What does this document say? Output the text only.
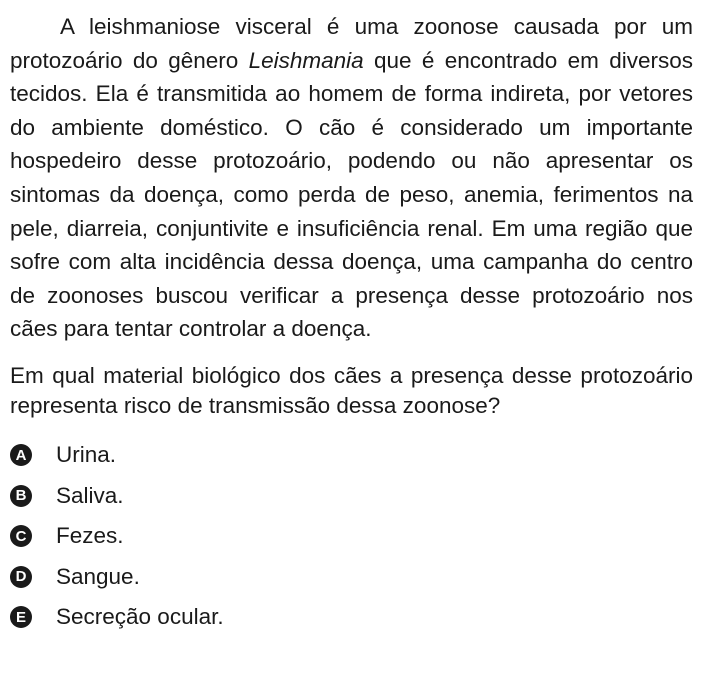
A leishmaniose visceral é uma zoonose causada por um protozoário do gênero Leishmania que é encontrado em diversos tecidos. Ela é transmitida ao homem de forma indireta, por vetores do ambiente doméstico. O cão é considerado um importante hospedeiro desse protozoário, podendo ou não apresentar os sintomas da doença, como perda de peso, anemia, ferimentos na pele, diarreia, conjuntivite e insuficiência renal. Em uma região que sofre com alta incidência dessa doença, uma campanha do centro de zoonoses buscou verificar a presença desse protozoário nos cães para tentar controlar a doença.

Em qual material biológico dos cães a presença desse protozoário representa risco de transmissão dessa zoonose?

A Urina.
B Saliva.
C Fezes.
D Sangue.
E Secreção ocular.
